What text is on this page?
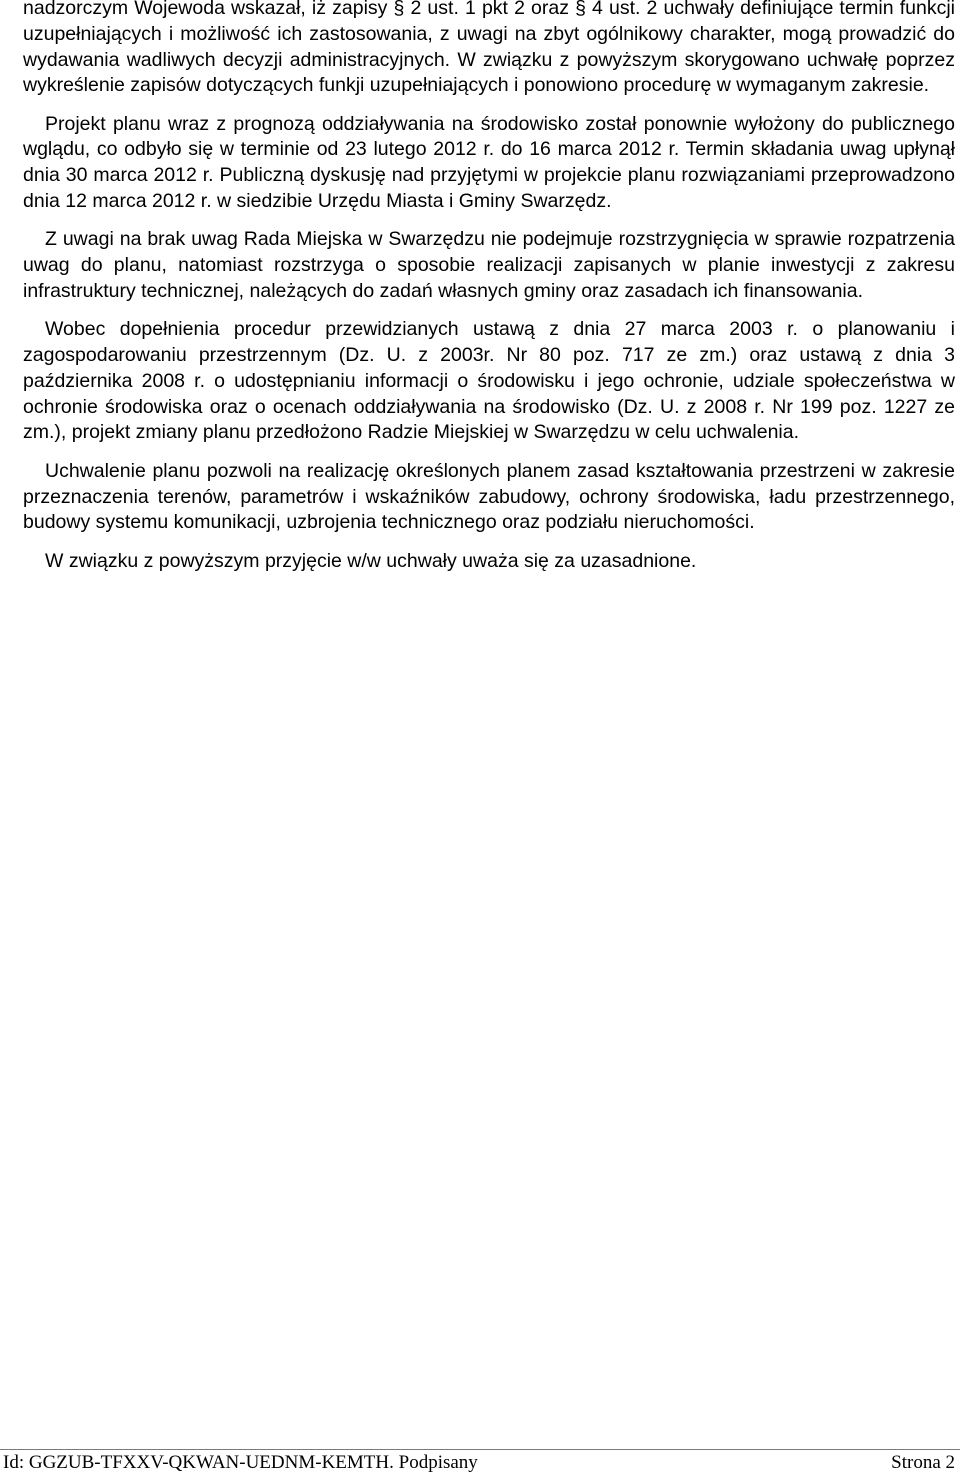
nadzorczym Wojewoda wskazał, iż zapisy § 2 ust. 1 pkt 2 oraz § 4 ust. 2 uchwały definiujące termin funkcji uzupełniających i możliwość ich zastosowania, z uwagi na zbyt ogólnikowy charakter, mogą prowadzić do wydawania wadliwych decyzji administracyjnych. W związku z powyższym skorygowano uchwałę poprzez wykreślenie zapisów dotyczących funkji uzupełniających i ponowiono procedurę w wymaganym zakresie.

Projekt planu wraz z prognozą oddziaływania na środowisko został ponownie wyłożony do publicznego wglądu, co odbyło się w terminie od 23 lutego 2012 r. do 16 marca 2012 r. Termin składania uwag upłynął dnia 30 marca 2012 r. Publiczną dyskusję nad przyjętymi w projekcie planu rozwiązaniami przeprowadzono dnia 12 marca 2012 r. w siedzibie Urzędu Miasta i Gminy Swarzędz.

Z uwagi na brak uwag Rada Miejska w Swarzędzu nie podejmuje rozstrzygnięcia w sprawie rozpatrzenia uwag do planu, natomiast rozstrzyga o sposobie realizacji zapisanych w planie inwestycji z zakresu infrastruktury technicznej, należących do zadań własnych gminy oraz zasadach ich finansowania.

Wobec dopełnienia procedur przewidzianych ustawą z dnia 27 marca 2003 r. o planowaniu i zagospodarowaniu przestrzennym (Dz. U. z 2003r. Nr 80 poz. 717 ze zm.) oraz ustawą z dnia 3 października 2008 r. o udostępnianiu informacji o środowisku i jego ochronie, udziale społeczeństwa w ochronie środowiska oraz o ocenach oddziaływania na środowisko (Dz. U. z 2008 r. Nr 199 poz. 1227 ze zm.), projekt zmiany planu przedłożono Radzie Miejskiej w Swarzędzu w celu uchwalenia.

Uchwalenie planu pozwoli na realizację określonych planem zasad kształtowania przestrzeni w zakresie przeznaczenia terenów, parametrów i wskaźników zabudowy, ochrony środowiska, ładu przestrzennego, budowy systemu komunikacji, uzbrojenia technicznego oraz podziału nieruchomości.

W związku z powyższym przyjęcie w/w uchwały uważa się za uzasadnione.

Id: GGZUB-TFXXV-QKWAN-UEDNM-KEMTH. Podpisany	Strona 2
